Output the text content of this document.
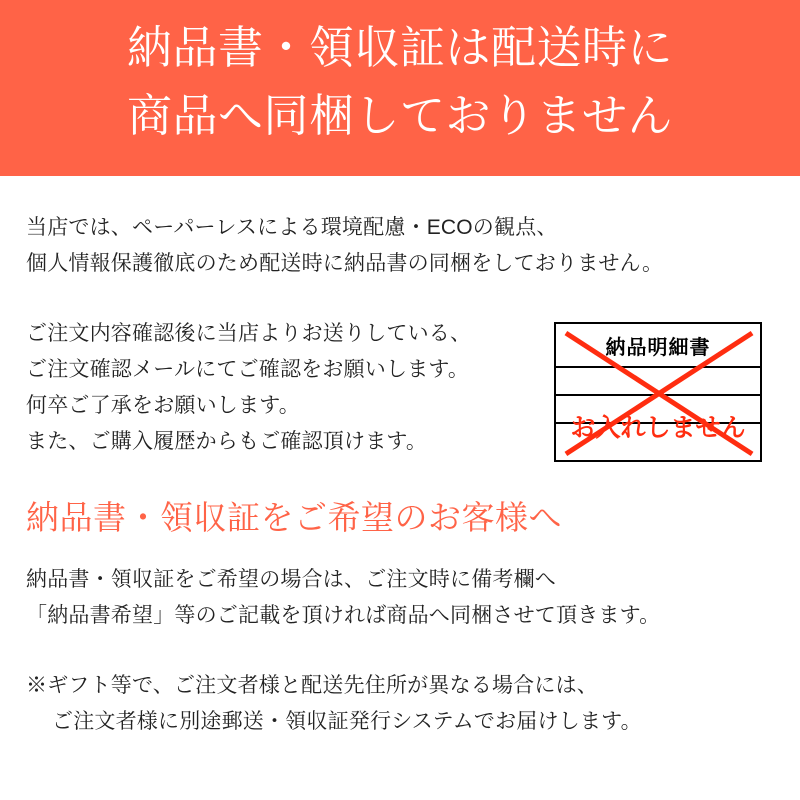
納品書・領収証は配送時に
商品へ同梱しておりません
当店では、ペーパーレスによる環境配慮・ECOの観点、
個人情報保護徹底のため配送時に納品書の同梱をしておりません。
ご注文内容確認後に当店よりお送りしている、
ご注文確認メールにてご確認をお願いします。
何卒ご了承をお願いします。
また、ご購入履歴からもご確認頂けます。
納品明細書
お入れしません
納品書・領収証をご希望のお客様へ
納品書・領収証をご希望の場合は、ご注文時に備考欄へ
「納品書希望」等のご記載を頂ければ商品へ同梱させて頂きます。
※ギフト等で、ご注文者様と配送先住所が異なる場合には、
ご注文者様に別途郵送・領収証発行システムでお届けします。
